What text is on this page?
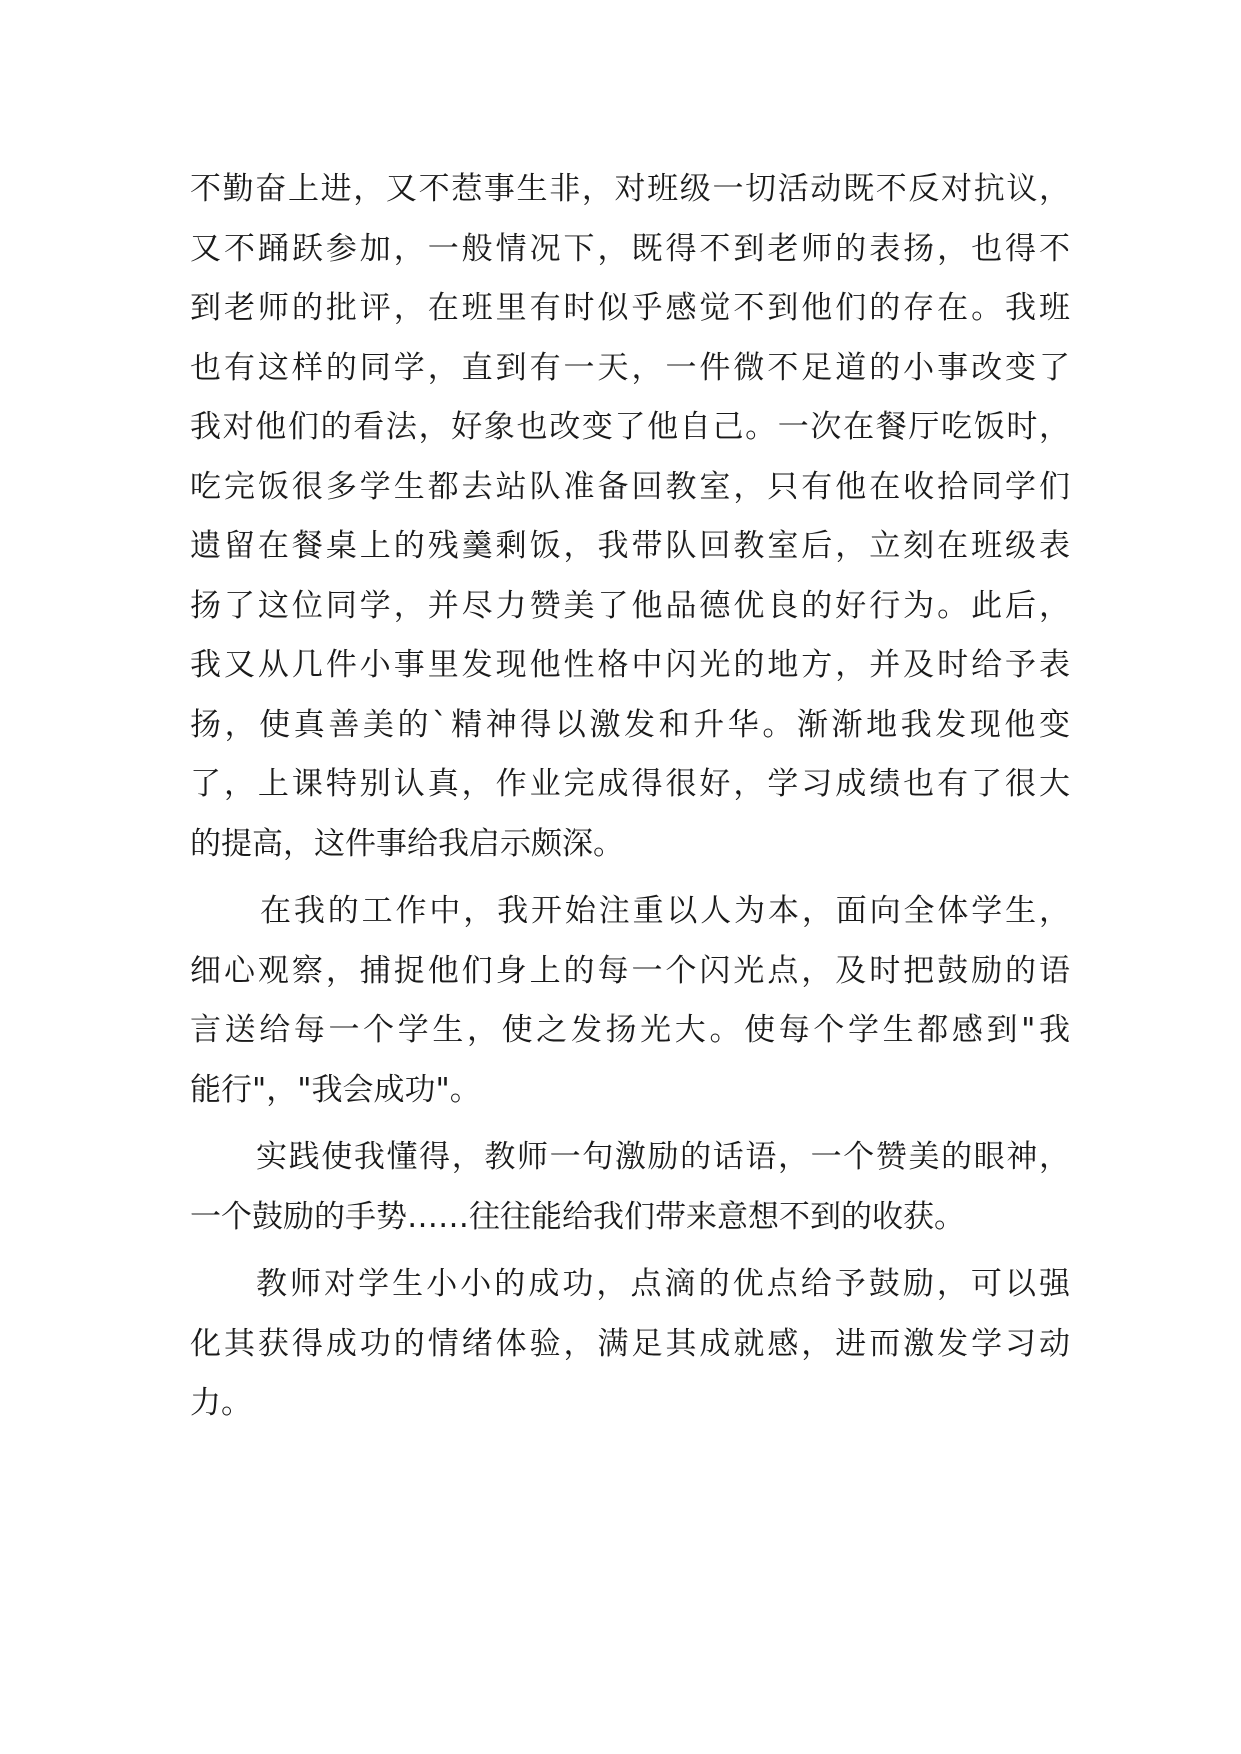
不勤奋上进，又不惹事生非，对班级一切活动既不反对抗议，
又不踊跃参加，一般情况下，既得不到老师的表扬，也得不
到老师的批评，在班里有时似乎感觉不到他们的存在。我班
也有这样的同学，直到有一天，一件微不足道的小事改变了
我对他们的看法，好象也改变了他自己。一次在餐厅吃饭时，
吃完饭很多学生都去站队准备回教室，只有他在收拾同学们
遗留在餐桌上的残羹剩饭，我带队回教室后，立刻在班级表
扬了这位同学，并尽力赞美了他品德优良的好行为。此后，
我又从几件小事里发现他性格中闪光的地方，并及时给予表
扬，使真善美的`精神得以激发和升华。渐渐地我发现他变
了，上课特别认真，作业完成得很好，学习成绩也有了很大
的提高，这件事给我启示颇深。
在我的工作中，我开始注重以人为本，面向全体学生，
细心观察，捕捉他们身上的每一个闪光点，及时把鼓励的语
言送给每一个学生，使之发扬光大。使每个学生都感到"我
能行"，"我会成功"。
实践使我懂得，教师一句激励的话语，一个赞美的眼神，
一个鼓励的手势……往往能给我们带来意想不到的收获。
教师对学生小小的成功，点滴的优点给予鼓励，可以强
化其获得成功的情绪体验，满足其成就感，进而激发学习动
力。
